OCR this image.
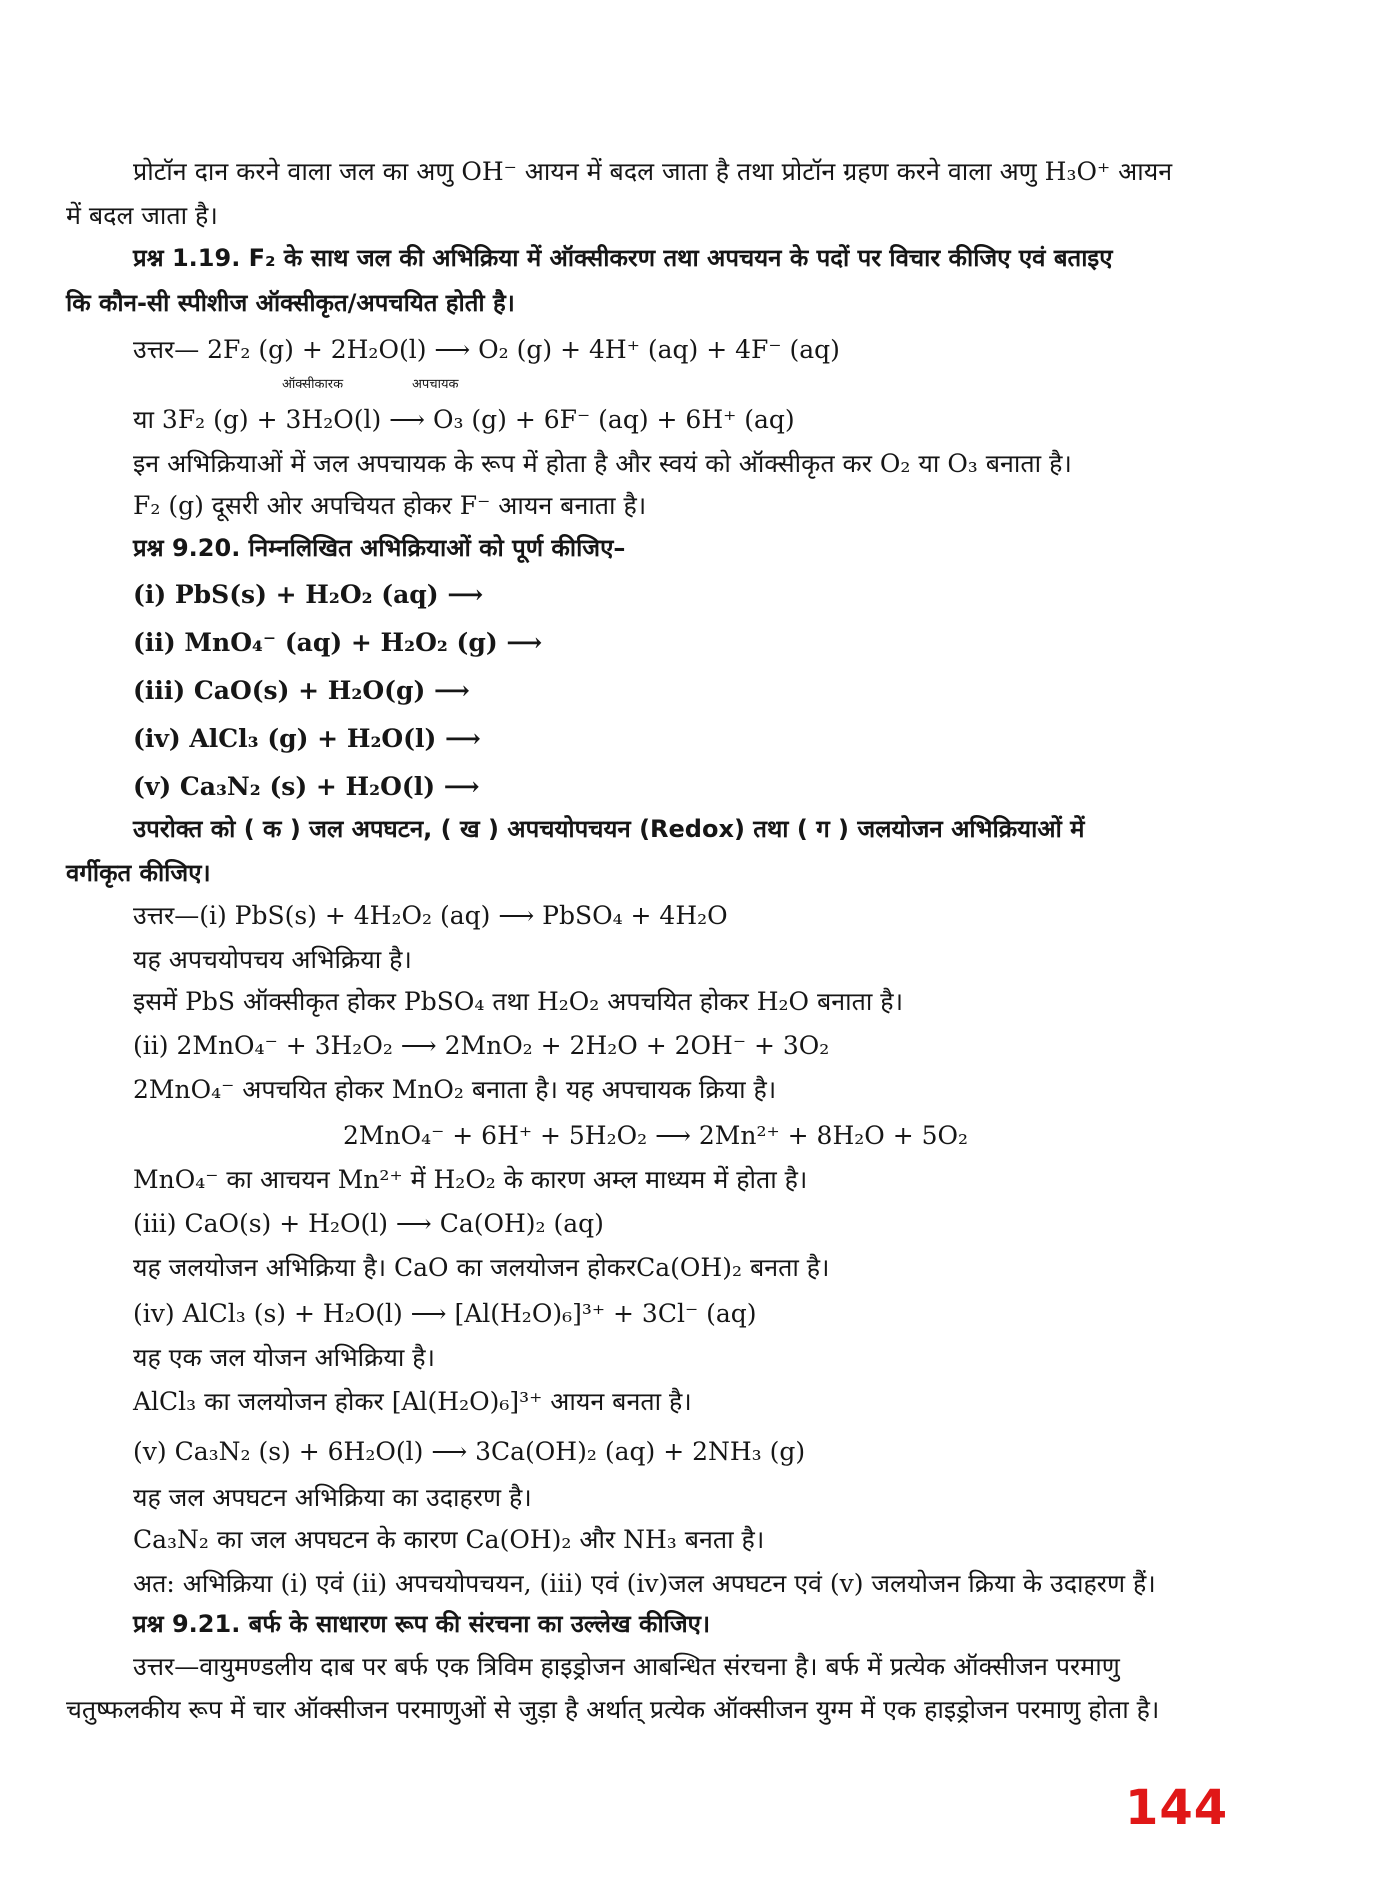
प्रोटॉन दान करने वाला जल का अणु OH⁻ आयन में बदल जाता है तथा प्रोटॉन ग्रहण करने वाला अणु H₃O⁺ आयन
में बदल जाता है।
प्रश्न 1.19. F₂ के साथ जल की अभिक्रिया में ऑक्सीकरण तथा अपचयन के पदों पर विचार कीजिए एवं बताइए
कि कौन-सी स्पीशीज ऑक्सीकृत/अपचयित होती है।
उत्तर— 2F₂ (g) + 2H₂O(l) ⟶ O₂ (g) + 4H⁺ (aq) + 4F⁻ (aq)
ऑक्सीकारक	अपचायक
या 3F₂ (g) + 3H₂O(l) ⟶ O₃ (g) + 6F⁻ (aq) + 6H⁺ (aq)
इन अभिक्रियाओं में जल अपचायक के रूप में होता है और स्वयं को ऑक्सीकृत कर O₂ या O₃ बनाता है।
F₂ (g) दूसरी ओर अपचियत होकर F⁻ आयन बनाता है।
प्रश्न 9.20. निम्नलिखित अभिक्रियाओं को पूर्ण कीजिए–
(i) PbS(s) + H₂O₂ (aq) ⟶
(ii) MnO₄⁻ (aq) + H₂O₂ (g) ⟶
(iii) CaO(s) + H₂O(g) ⟶
(iv) AlCl₃ (g) + H₂O(l) ⟶
(v) Ca₃N₂ (s) + H₂O(l) ⟶
उपरोक्त को ( क ) जल अपघटन, ( ख ) अपचयोपचयन (Redox) तथा ( ग ) जलयोजन अभिक्रियाओं में
वर्गीकृत कीजिए।
उत्तर—(i) PbS(s) + 4H₂O₂ (aq) ⟶ PbSO₄ + 4H₂O
यह अपचयोपचय अभिक्रिया है।
इसमें PbS ऑक्सीकृत होकर PbSO₄ तथा H₂O₂ अपचयित होकर H₂O बनाता है।
(ii) 2MnO₄⁻ + 3H₂O₂ ⟶ 2MnO₂ + 2H₂O + 2OH⁻ + 3O₂
2MnO₄⁻ अपचयित होकर MnO₂ बनाता है। यह अपचायक क्रिया है।
2MnO₄⁻ + 6H⁺ + 5H₂O₂ ⟶ 2Mn²⁺ + 8H₂O + 5O₂
MnO₄⁻ का आचयन Mn²⁺ में H₂O₂ के कारण अम्ल माध्यम में होता है।
(iii) CaO(s) + H₂O(l) ⟶ Ca(OH)₂ (aq)
यह जलयोजन अभिक्रिया है। CaO का जलयोजन होकरCa(OH)₂ बनता है।
(iv) AlCl₃ (s) + H₂O(l) ⟶ [Al(H₂O)₆]³⁺ + 3Cl⁻ (aq)
यह एक जल योजन अभिक्रिया है।
AlCl₃ का जलयोजन होकर [Al(H₂O)₆]³⁺ आयन बनता है।
(v) Ca₃N₂ (s) + 6H₂O(l) ⟶ 3Ca(OH)₂ (aq) + 2NH₃ (g)
यह जल अपघटन अभिक्रिया का उदाहरण है।
Ca₃N₂ का जल अपघटन के कारण Ca(OH)₂ और NH₃ बनता है।
अत: अभिक्रिया (i) एवं (ii) अपचयोपचयन, (iii) एवं (iv)जल अपघटन एवं (v) जलयोजन क्रिया के उदाहरण हैं।
प्रश्न 9.21. बर्फ के साधारण रूप की संरचना का उल्लेख कीजिए।
उत्तर—वायुमण्डलीय दाब पर बर्फ एक त्रिविम हाइड्रोजन आबन्धित संरचना है। बर्फ में प्रत्येक ऑक्सीजन परमाणु
चतुष्फलकीय रूप में चार ऑक्सीजन परमाणुओं से जुड़ा है अर्थात् प्रत्येक ऑक्सीजन युग्म में एक हाइड्रोजन परमाणु होता है।
144
